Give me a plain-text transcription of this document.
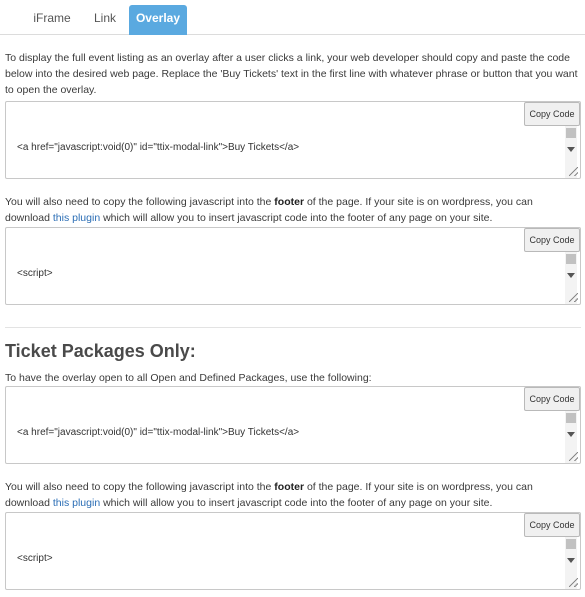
iFrame	Link	Overlay
To display the full event listing as an overlay after a user clicks a link, your web developer should copy and paste the code below into the desired web page. Replace the 'Buy Tickets' text in the first line with whatever phrase or button that you want to open the overlay.

<a href="javascript:void(0)" id="ttix-modal-link">Buy Tickets</a>

Copy Code
You will also need to copy the following javascript into the footer of the page. If your site is on wordpress, you can download this plugin which will allow you to insert javascript code into the footer of any page on your site.

<script>

Copy Code
Ticket Packages Only:
To have the overlay open to all Open and Defined Packages, use the following:

<a href="javascript:void(0)" id="ttix-modal-link">Buy Tickets</a>

Copy Code
You will also need to copy the following javascript into the footer of the page. If your site is on wordpress, you can download this plugin which will allow you to insert javascript code into the footer of any page on your site.

<script>

Copy Code
